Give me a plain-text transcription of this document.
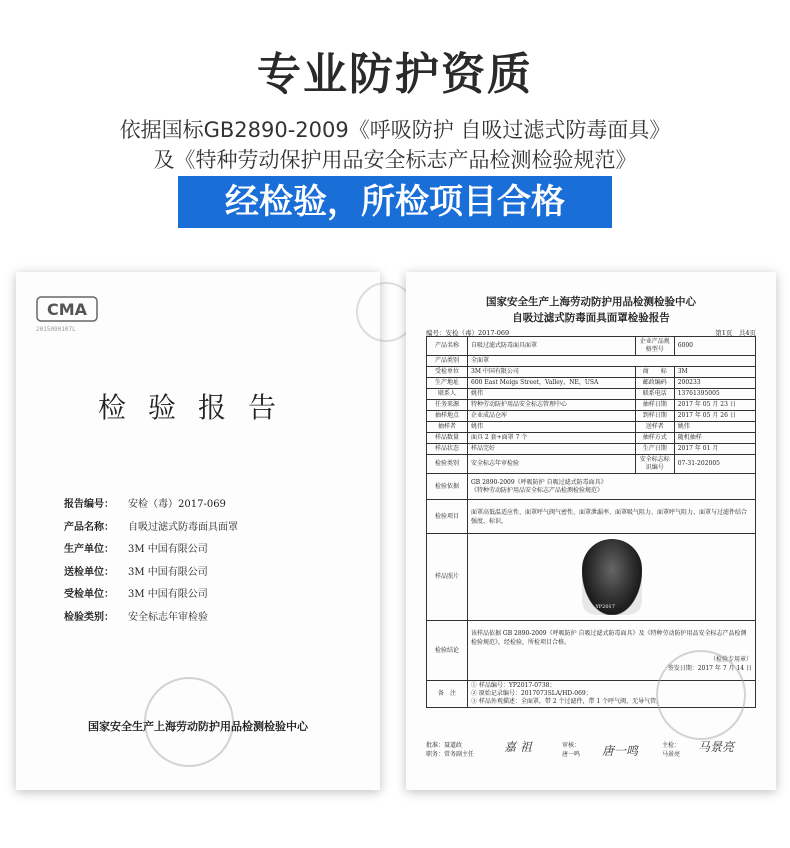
专业防护资质
依据国标GB2890-2009《呼吸防护 自吸过滤式防毒面具》
及《特种劳动保护用品安全标志产品检测检验规范》
经检验，所检项目合格
CMA
2015090107L
检验报告
报告编号：	安检（毒）2017-069
产品名称：	自吸过滤式防毒面具面罩
生产单位：	3M 中国有限公司
送检单位：	3M 中国有限公司
受检单位：	3M 中国有限公司
检验类别：	安全标志年审检验
国家安全生产上海劳动防护用品检测检验中心
国家安全生产上海劳动防护用品检测检验中心
自吸过滤式防毒面具面罩检验报告
编号：安检（毒）2017-069	第1页　共4页
产品名称	自吸过滤式防毒面具面罩	企业产品规格型号	6000
产品类别	全面罩		
受检单位	3M 中国有限公司	商　　标	3M
生产地址	600 East Meigs Street，Valley，NE，USA	邮政编码	200233
联系人	姚伟	联系电话	13761395005
任务来源	特种劳动防护用品安全标志管理中心	抽样日期	2017 年 05 月 23 日
抽样地点	企业成品仓库	到样日期	2017 年 05 月 26 日
抽样者	姚伟	送样者	姚伟
样品数量	面具 2 套+面罩 7 个	抽样方式	随机抽样
样品状态	样品完好	生产日期	2017 年 01 月
检验类别	安全标志年审检验	安全标志标识编号	07-31-202005
检验依据	GB 2890-2009《呼吸防护 自吸过滤式防毒面具》
《特种劳动防护用品安全标志产品检测检验规范》		

检验项目	面罩高低温适应性、面罩呼气阀气密性、面罩泄漏率、面罩吸气阻力、面罩呼气阻力、面罩与过滤件结合强度、标识。		
样品照片	YP2017		

检验结论	该样品依据 GB 2890-2009《呼吸防护 自吸过滤式防毒面具》及《特种劳动防护用品安全标志产品检测检验规范》，经检验，所检项目合格。
（检验专用章）
签发日期：2017 年 7 月 14 日		

备　注	① 样品编号：YP2017-0738；
② 原始记录编号：2017073SLA/HD-069；
③ 样品外观描述：全面罩，带 2 个过滤件，带 1 个呼气阀，无导气管。		
批准：聂道政
职务：常务副主任
嘉 祖	审核：
唐一鸣 唐一鸣	主检：
马景亮
马景亮
